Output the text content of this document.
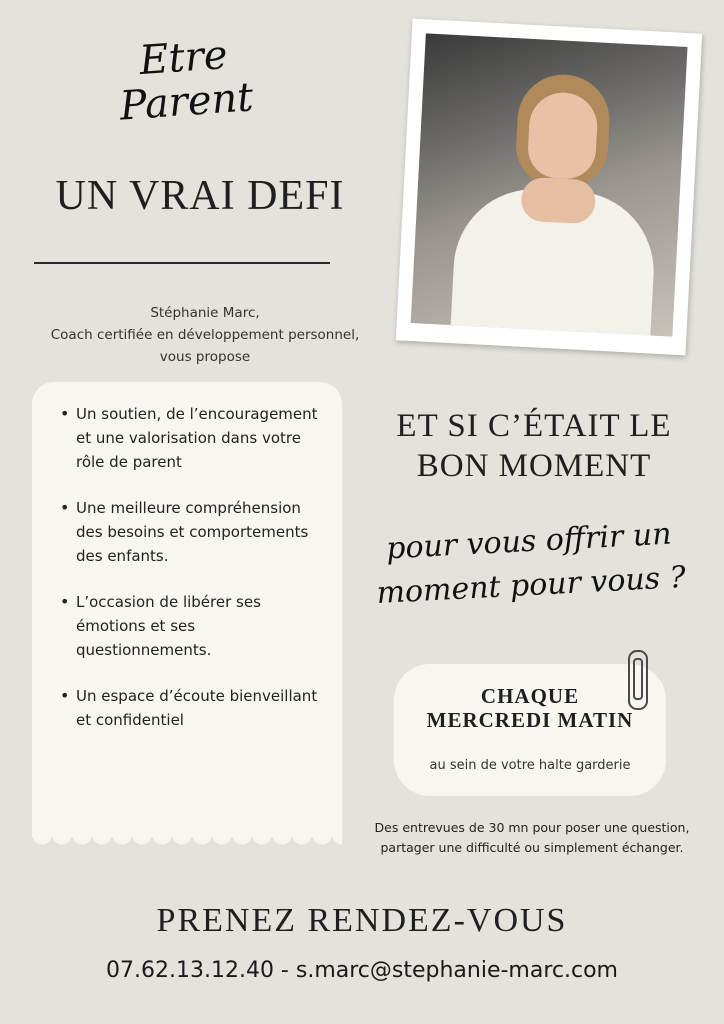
Etre
Parent
UN VRAI DEFI
Stéphanie Marc,
Coach certifiée en développement personnel,
vous propose
• Un soutien, de l’encouragement et une valorisation dans votre rôle de parent
• Une meilleure compréhension des besoins et comportements des enfants.
• L’occasion de libérer ses émotions et ses questionnements.
• Un espace d’écoute bienveillant et confidentiel
ET SI C’ÉTAIT LE
BON MOMENT
pour vous offrir un
moment pour vous ?
CHAQUE
MERCREDI MATIN
au sein de votre halte garderie
Des entrevues de 30 mn pour poser une question,
partager une difficulté ou simplement échanger.
PRENEZ RENDEZ-VOUS
07.62.13.12.40 - s.marc@stephanie-marc.com
